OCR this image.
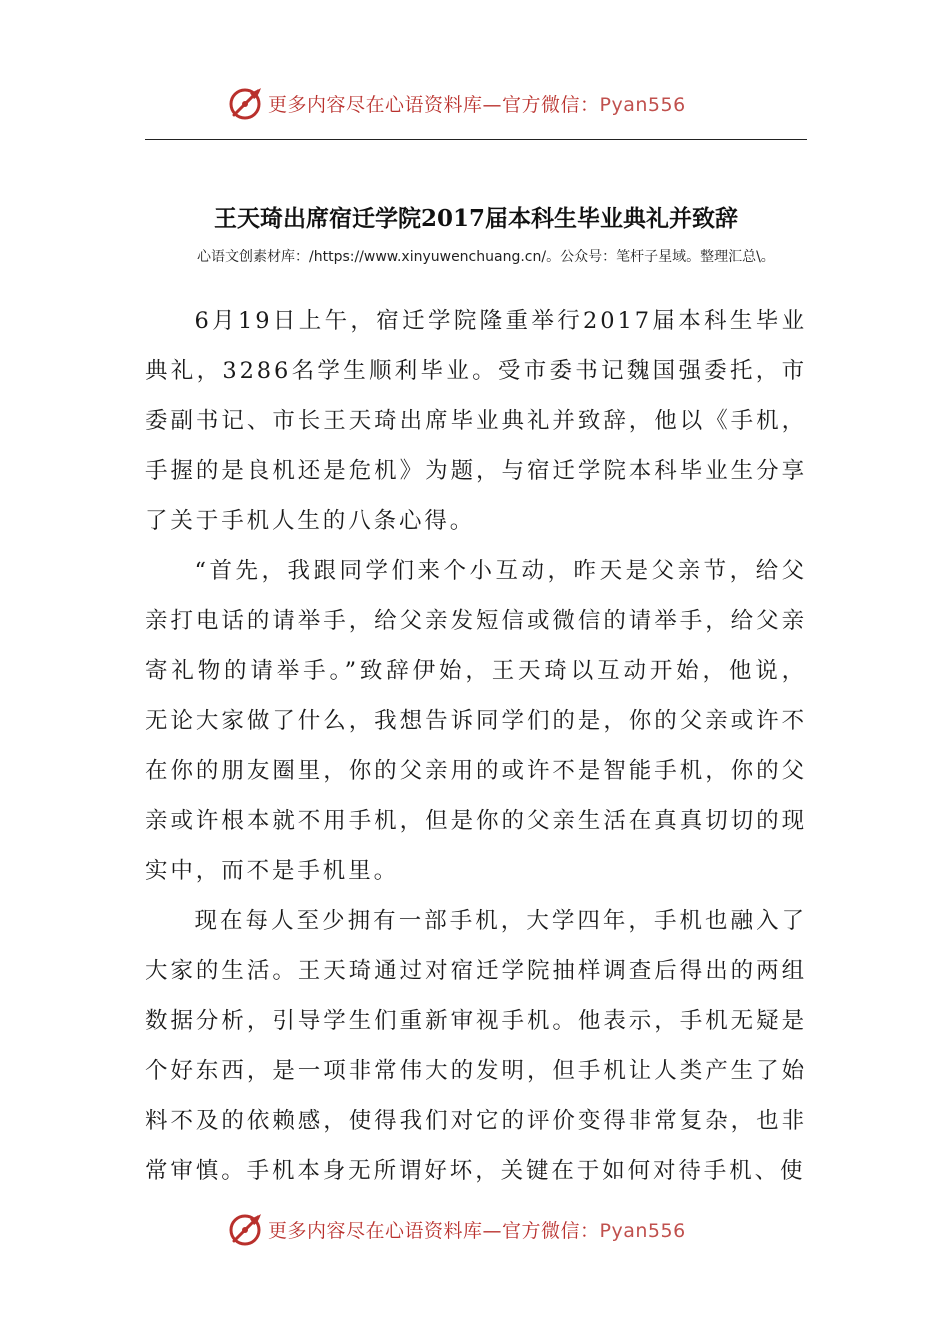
更多内容尽在心语资料库—官方微信：Pyan556
王天琦出席宿迁学院2017届本科生毕业典礼并致辞
心语文创素材库：/https://www.xinyuwenchuang.cn/。公众号：笔杆子星域。整理汇总\。

6月19日上午，宿迁学院隆重举行2017届本科生毕业典礼，3286名学生顺利毕业。受市委书记魏国强委托，市委副书记、市长王天琦出席毕业典礼并致辞，他以《手机，手握的是良机还是危机》为题，与宿迁学院本科毕业生分享了关于手机人生的八条心得。

“首先，我跟同学们来个小互动，昨天是父亲节，给父亲打电话的请举手，给父亲发短信或微信的请举手，给父亲寄礼物的请举手。”致辞伊始，王天琦以互动开始，他说，无论大家做了什么，我想告诉同学们的是，你的父亲或许不在你的朋友圈里，你的父亲用的或许不是智能手机，你的父亲或许根本就不用手机，但是你的父亲生活在真真切切的现实中，而不是手机里。

现在每人至少拥有一部手机，大学四年，手机也融入了大家的生活。王天琦通过对宿迁学院抽样调查后得出的两组数据分析，引导学生们重新审视手机。他表示，手机无疑是个好东西，是一项非常伟大的发明，但手机让人类产生了始料不及的依赖感，使得我们对它的评价变得非常复杂，也非常审慎。手机本身无所谓好坏，关键在于如何对待手机、使

更多内容尽在心语资料库—官方微信：Pyan556
